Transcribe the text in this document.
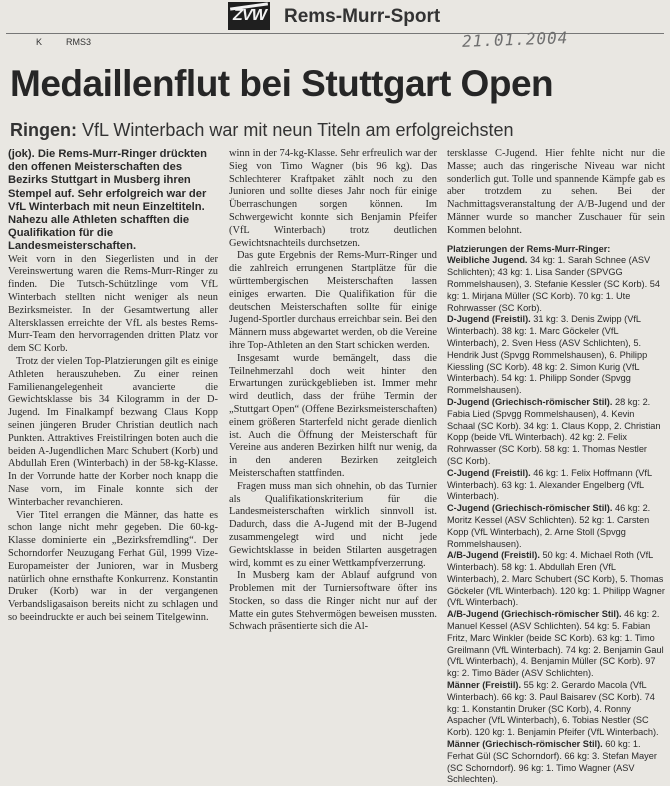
ZVW Rems-Murr-Sport
K	RMS3	21.01.2004
Medaillenflut bei Stuttgart Open
Ringen: VfL Winterbach war mit neun Titeln am erfolgreichsten

(jok). Die Rems-Murr-Ringer drückten den offenen Meisterschaften des Bezirks Stuttgart in Musberg ihren Stempel auf. Sehr erfolgreich war der VfL Winterbach mit neun Einzeltiteln. Nahezu alle Athleten schafften die Qualifikation für die Landesmeisterschaften.

Weit vorn in den Siegerlisten und in der Vereinswertung waren die Rems-Murr-Ringer zu finden. Die Tutsch-Schützlinge vom VfL Winterbach stellten nicht weniger als neun Bezirksmeister. In der Gesamtwertung aller Altersklassen erreichte der VfL als bestes Rems-Murr-Team den hervorragenden dritten Platz vor dem SC Korb.

Trotz der vielen Top-Platzierungen gilt es einige Athleten herauszuheben. Zu einer reinen Familienangelegenheit avancierte die Gewichtsklasse bis 34 Kilogramm in der D-Jugend. Im Finalkampf bezwang Claus Kopp seinen jüngeren Bruder Christian deutlich nach Punkten. Attraktives Freistilringen boten auch die beiden A-Jugendlichen Marc Schubert (Korb) und Abdullah Eren (Winterbach) in der 58-kg-Klasse. In der Vorrunde hatte der Korber noch knapp die Nase vorn, im Finale konnte sich der Winterbacher revanchieren.

Vier Titel errangen die Männer, das hatte es schon lange nicht mehr gegeben. Die 60-kg-Klasse dominierte ein „Bezirksfremdling“. Der Schorndorfer Neuzugang Ferhat Gül, 1999 Vize-Europameister der Junioren, war in Musberg natürlich ohne ernsthafte Konkurrenz. Konstantin Druker (Korb) war in der vergangenen Verbandsligasaison bereits nicht zu schlagen und so beeindruckte er auch bei seinem Titelgewinn.

winn in der 74-kg-Klasse. Sehr erfreulich war der Sieg von Timo Wagner (bis 96 kg). Das Schlechterer Kraftpaket zählt noch zu den Junioren und sollte dieses Jahr noch für einige Überraschungen sorgen können. Im Schwergewicht konnte sich Benjamin Pfeifer (VfL Winterbach) trotz deutlichen Gewichtsnachteils durchsetzen.

Das gute Ergebnis der Rems-Murr-Ringer und die zahlreich errungenen Startplätze für die württembergischen Meisterschaften lassen einiges erwarten. Die Qualifikation für die deutschen Meisterschaften sollte für einige Jugend-Sportler durchaus erreichbar sein. Bei den Männern muss abgewartet werden, ob die Vereine ihre Top-Athleten an den Start schicken werden.

Insgesamt wurde bemängelt, dass die Teilnehmerzahl doch weit hinter den Erwartungen zurückgeblieben ist. Immer mehr wird deutlich, dass der frühe Termin der „Stuttgart Open“ (Offene Bezirksmeisterschaften) einem größeren Starterfeld nicht gerade dienlich ist. Auch die Öffnung der Meisterschaft für Vereine aus anderen Bezirken hilft nur wenig, da in den anderen Bezirken zeitgleich Meisterschaften stattfinden.

Fragen muss man sich ohnehin, ob das Turnier als Qualifikationskriterium für die Landesmeisterschaften wirklich sinnvoll ist. Dadurch, dass die A-Jugend mit der B-Jugend zusammengelegt wird und nicht jede Gewichtsklasse in beiden Stilarten ausgetragen wird, kommt es zu einer Wettkampfverzerrung.

In Musberg kam der Ablauf aufgrund von Problemen mit der Turniersoftware öfter ins Stocken, so dass die Ringer nicht nur auf der Matte ein gutes Stehvermögen beweisen mussten. Schwach präsentierte sich die Al-

tersklasse C-Jugend. Hier fehlte nicht nur die Masse; auch das ringerische Niveau war nicht sonderlich gut. Tolle und spannende Kämpfe gab es aber trotzdem zu sehen. Bei der Nachmittagsveranstaltung der A/B-Jugend und der Männer wurde so mancher Zuschauer für sein Kommen belohnt.

Platzierungen der Rems-Murr-Ringer:

Weibliche Jugend. 34 kg: 1. Sarah Schnee (ASV Schlichten); 43 kg: 1. Lisa Sander (SPVGG Rommelshausen), 3. Stefanie Kessler (SC Korb). 54 kg: 1. Mirjana Müller (SC Korb). 70 kg: 1. Ute Rohrwasser (SC Korb).

D-Jugend (Freistil). 31 kg: 3. Denis Zwipp (VfL Winterbach). 38 kg: 1. Marc Göckeler (VfL Winterbach), 2. Sven Hess (ASV Schlichten), 5. Hendrik Just (Spvgg Rommelshausen), 6. Philipp Kiessling (SC Korb). 48 kg: 2. Simon Kurig (VfL Winterbach). 54 kg: 1. Philipp Sonder (Spvgg Rommelshausen).

D-Jugend (Griechisch-römischer Stil). 28 kg: 2. Fabia Lied (Spvgg Rommelshausen), 4. Kevin Schaal (SC Korb). 34 kg: 1. Claus Kopp, 2. Christian Kopp (beide VfL Winterbach). 42 kg: 2. Felix Rohrwasser (SC Korb). 58 kg: 1. Thomas Nestler (SC Korb).

C-Jugend (Freistil). 46 kg: 1. Felix Hoffmann (VfL Winterbach). 63 kg: 1. Alexander Engelberg (VfL Winterbach).

C-Jugend (Griechisch-römischer Stil). 46 kg: 2. Moritz Kessel (ASV Schlichten). 52 kg: 1. Carsten Kopp (VfL Winterbach), 2. Arne Stoll (Spvgg Rommelshausen).

A/B-Jugend (Freistil). 50 kg: 4. Michael Roth (VfL Winterbach). 58 kg: 1. Abdullah Eren (VfL Winterbach), 2. Marc Schubert (SC Korb), 5. Thomas Göckeler (VfL Winterbach). 120 kg: 1. Philipp Wagner (VfL Winterbach).

A/B-Jugend (Griechisch-römischer Stil). 46 kg: 2. Manuel Kessel (ASV Schlichten). 54 kg: 5. Fabian Fritz, Marc Winkler (beide SC Korb). 63 kg: 1. Timo Greilmann (VfL Winterbach). 74 kg: 2. Benjamin Gaul (VfL Winterbach), 4. Benjamin Müller (SC Korb). 97 kg: 2. Timo Bäder (ASV Schlichten).

Männer (Freistil). 55 kg: 2. Gerardo Macola (VfL Winterbach). 66 kg: 3. Paul Baisarev (SC Korb). 74 kg: 1. Konstantin Druker (SC Korb), 4. Ronny Aspacher (VfL Winterbach), 6. Tobias Nestler (SC Korb). 120 kg: 1. Benjamin Pfeifer (VfL Winterbach).

Männer (Griechisch-römischer Stil). 60 kg: 1. Ferhat Gül (SC Schorndorf). 66 kg: 3. Stefan Mayer (SC Schorndorf). 96 kg: 1. Timo Wagner (ASV Schlechten).
